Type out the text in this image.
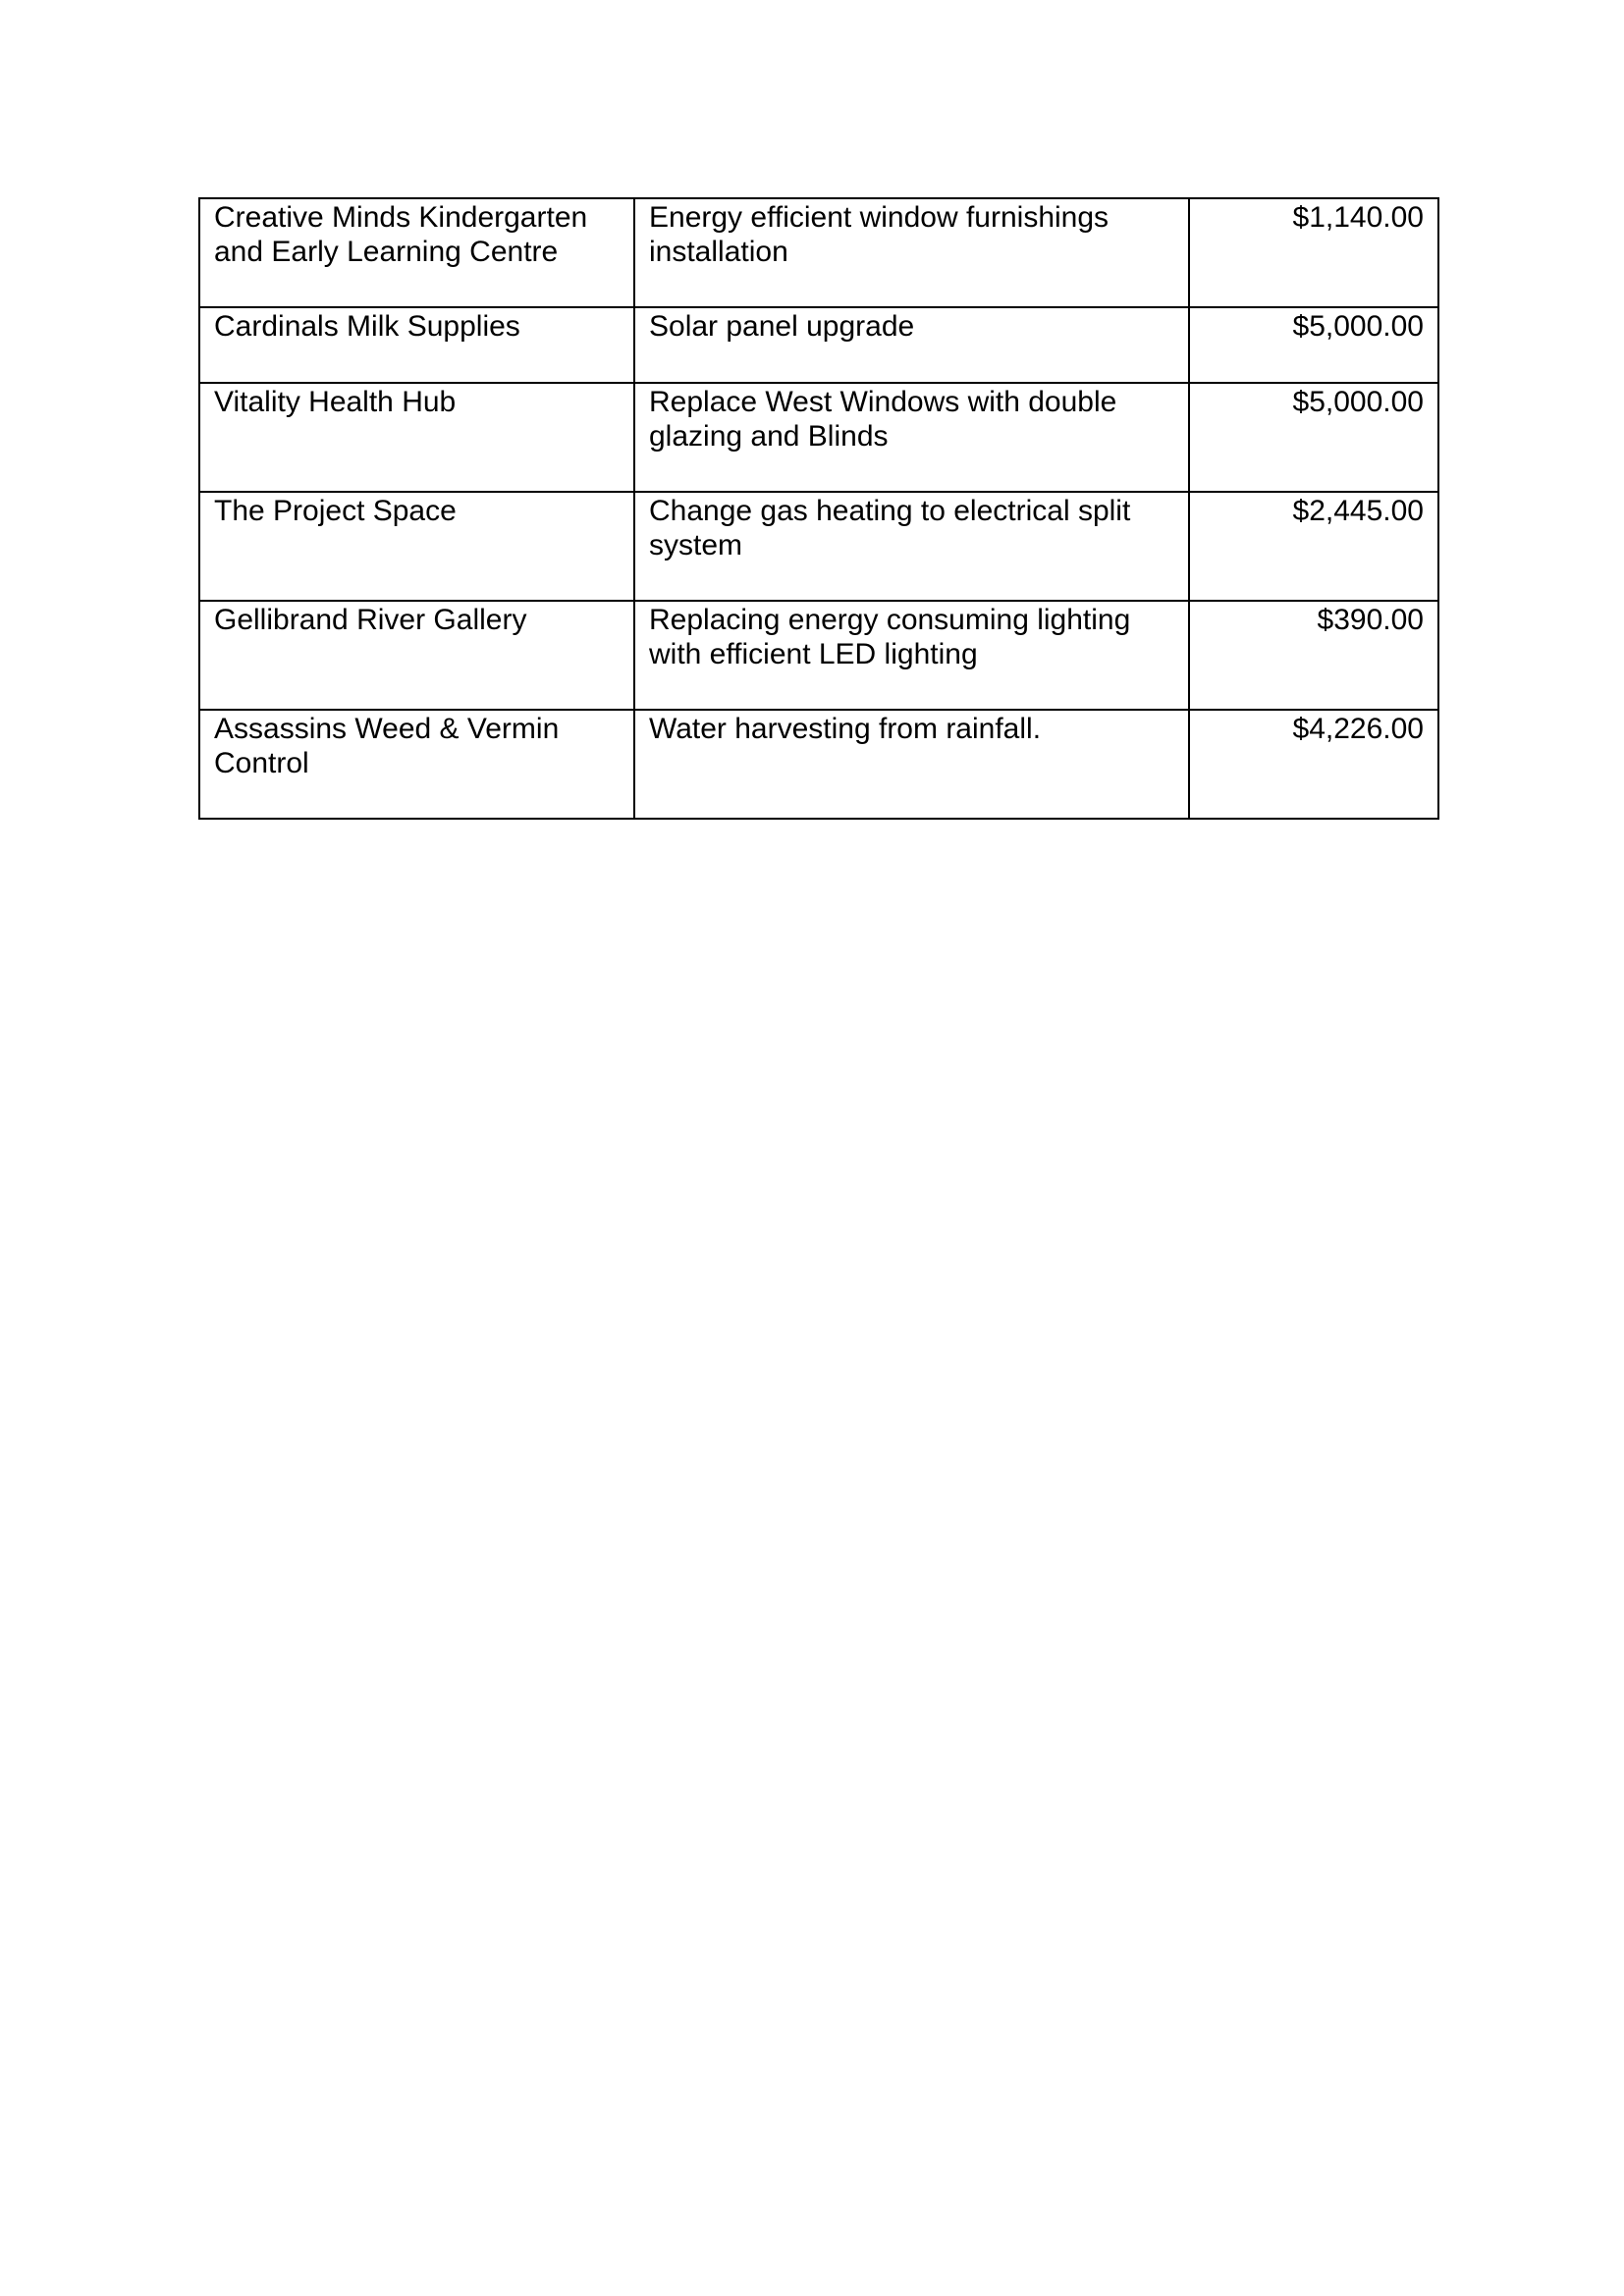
Creative Minds Kindergarten and Early Learning Centre	Energy efficient window furnishings installation	$1,140.00

Cardinals Milk Supplies	Solar panel upgrade	$5,000.00

Vitality Health Hub	Replace West Windows with double glazing and Blinds	$5,000.00

The Project Space	Change gas heating to electrical split system	$2,445.00

Gellibrand River Gallery	Replacing energy consuming lighting with efficient LED lighting	$390.00

Assassins Weed & Vermin Control	Water harvesting from rainfall.	$4,226.00
